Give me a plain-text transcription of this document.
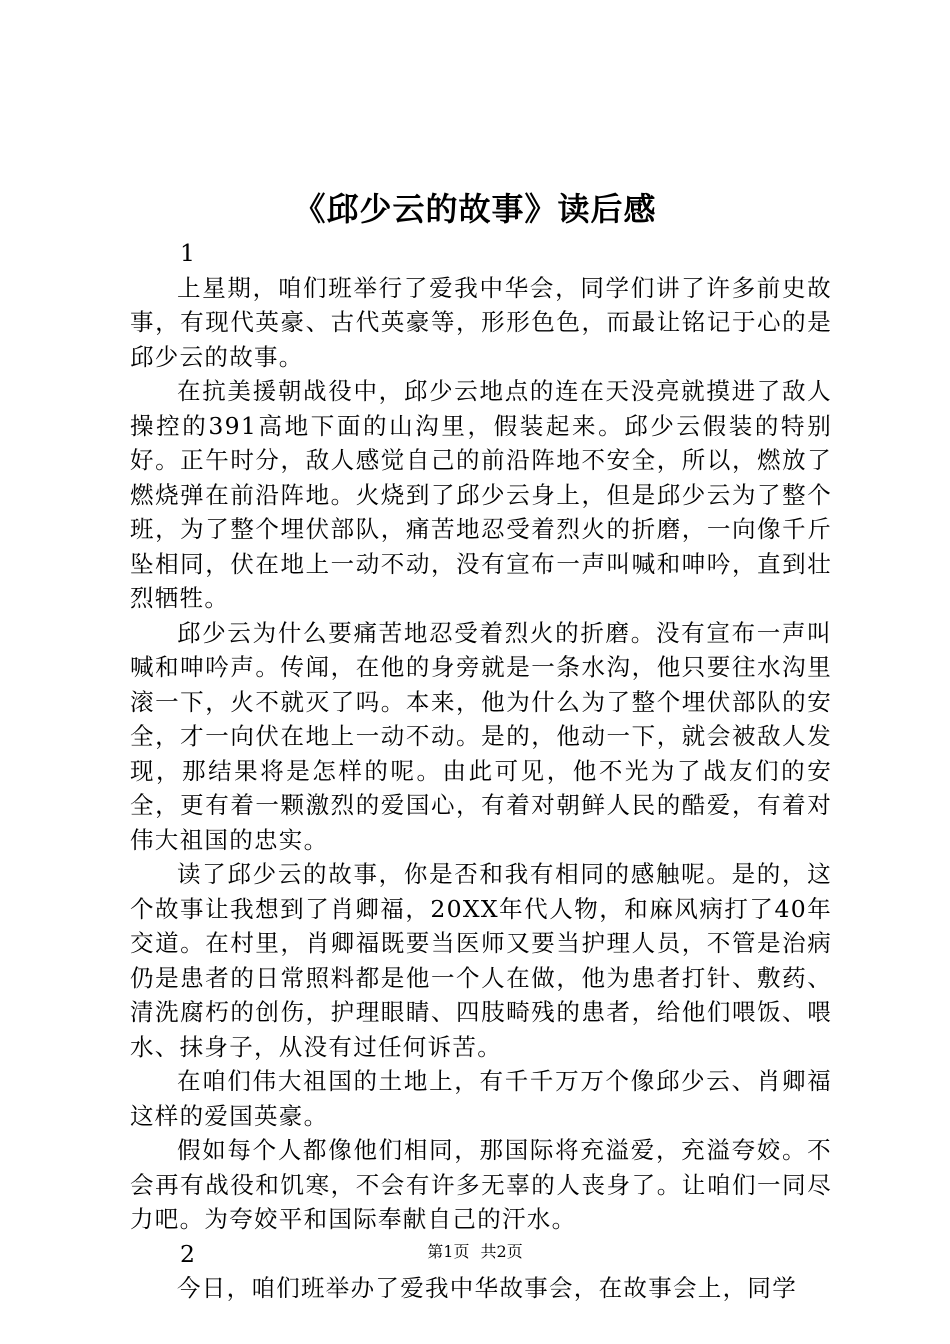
《邱少云的故事》读后感

1

上星期，咱们班举行了爱我中华会，同学们讲了许多前史故事，有现代英豪、古代英豪等，形形色色，而最让铭记于心的是邱少云的故事。

在抗美援朝战役中，邱少云地点的连在天没亮就摸进了敌人操控的391高地下面的山沟里，假装起来。邱少云假装的特别好。正午时分，敌人感觉自己的前沿阵地不安全，所以，燃放了燃烧弹在前沿阵地。火烧到了邱少云身上，但是邱少云为了整个班，为了整个埋伏部队，痛苦地忍受着烈火的折磨，一向像千斤坠相同，伏在地上一动不动，没有宣布一声叫喊和呻吟，直到壮烈牺牲。

邱少云为什么要痛苦地忍受着烈火的折磨。没有宣布一声叫喊和呻吟声。传闻，在他的身旁就是一条水沟，他只要往水沟里滚一下，火不就灭了吗。本来，他为什么为了整个埋伏部队的安全，才一向伏在地上一动不动。是的，他动一下，就会被敌人发现，那结果将是怎样的呢。由此可见，他不光为了战友们的安全，更有着一颗激烈的爱国心，有着对朝鲜人民的酷爱，有着对伟大祖国的忠实。

读了邱少云的故事，你是否和我有相同的感触呢。是的，这个故事让我想到了肖卿福，20XX年代人物，和麻风病打了40年交道。在村里，肖卿福既要当医师又要当护理人员，不管是治病仍是患者的日常照料都是他一个人在做，他为患者打针、敷药、清洗腐朽的创伤，护理眼睛、四肢畸残的患者，给他们喂饭、喂水、抹身子，从没有过任何诉苦。

在咱们伟大祖国的土地上，有千千万万个像邱少云、肖卿福这样的爱国英豪。

假如每个人都像他们相同，那国际将充溢爱，充溢夸姣。不会再有战役和饥寒，不会有许多无辜的人丧身了。让咱们一同尽力吧。为夸姣平和国际奉献自己的汗水。

2

今日，咱们班举办了爱我中华故事会，在故事会上，同学

第1页 共2页
